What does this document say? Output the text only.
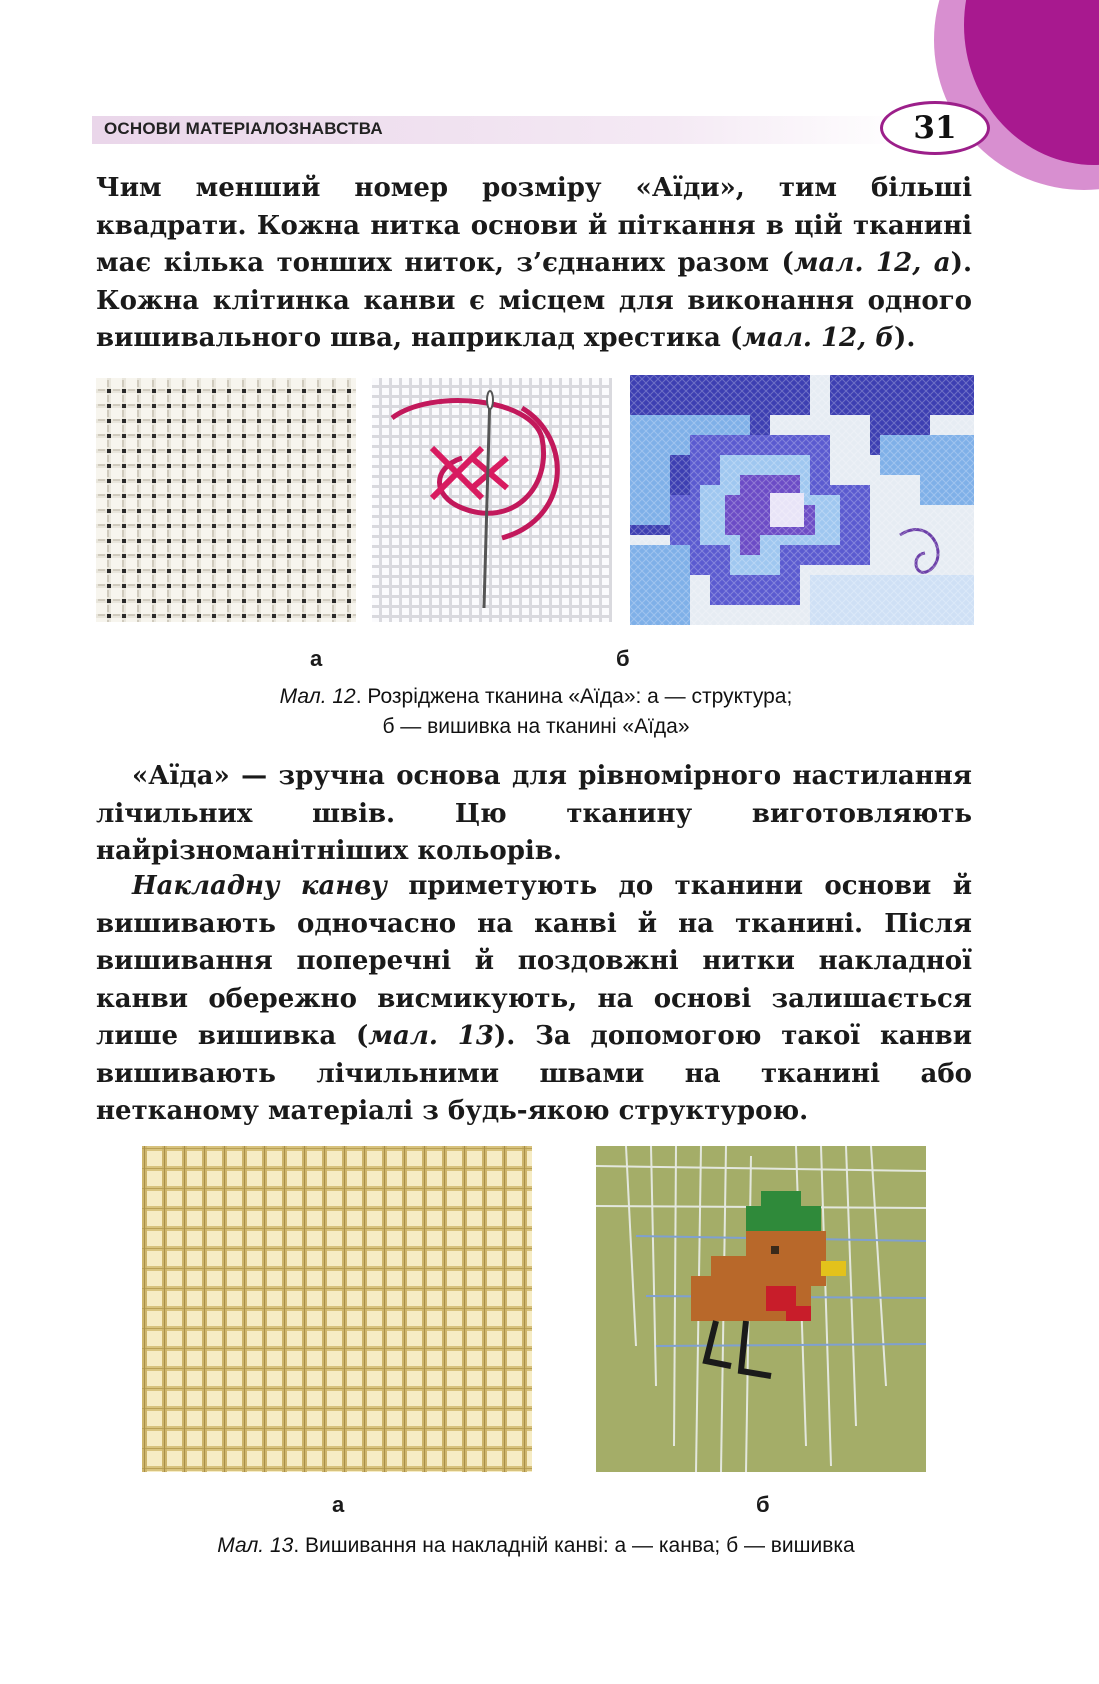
ОСНОВИ МАТЕРІАЛОЗНАВСТВА	31

Чим менший номер розміру «Аїди», тим більші квадрати. Кожна нитка основи й піткання в цій тканині має кілька тонших ниток, з’єднаних разом (мал. 12, а). Кожна клітинка канви є місцем для виконання одного вишивального шва, наприклад хрестика (мал. 12, б).

а	б
Мал. 12. Розріджена тканина «Аїда»: а — структура;
б — вишивка на тканині «Аїда»

«Аїда» — зручна основа для рівномірного настилання лічильних швів. Цю тканину виготовляють найрізноманітніших кольорів.

Накладну канву приметують до тканини основи й вишивають одночасно на канві й на тканині. Після вишивання поперечні й поздовжні нитки накладної канви обережно висмикують, на основі залишається лише вишивка (мал. 13). За допомогою такої канви вишивають лічильними швами на тканині або нетканому матеріалі з будь-якою структурою.

а	б
Мал. 13. Вишивання на накладній канві: а — канва; б — вишивка
